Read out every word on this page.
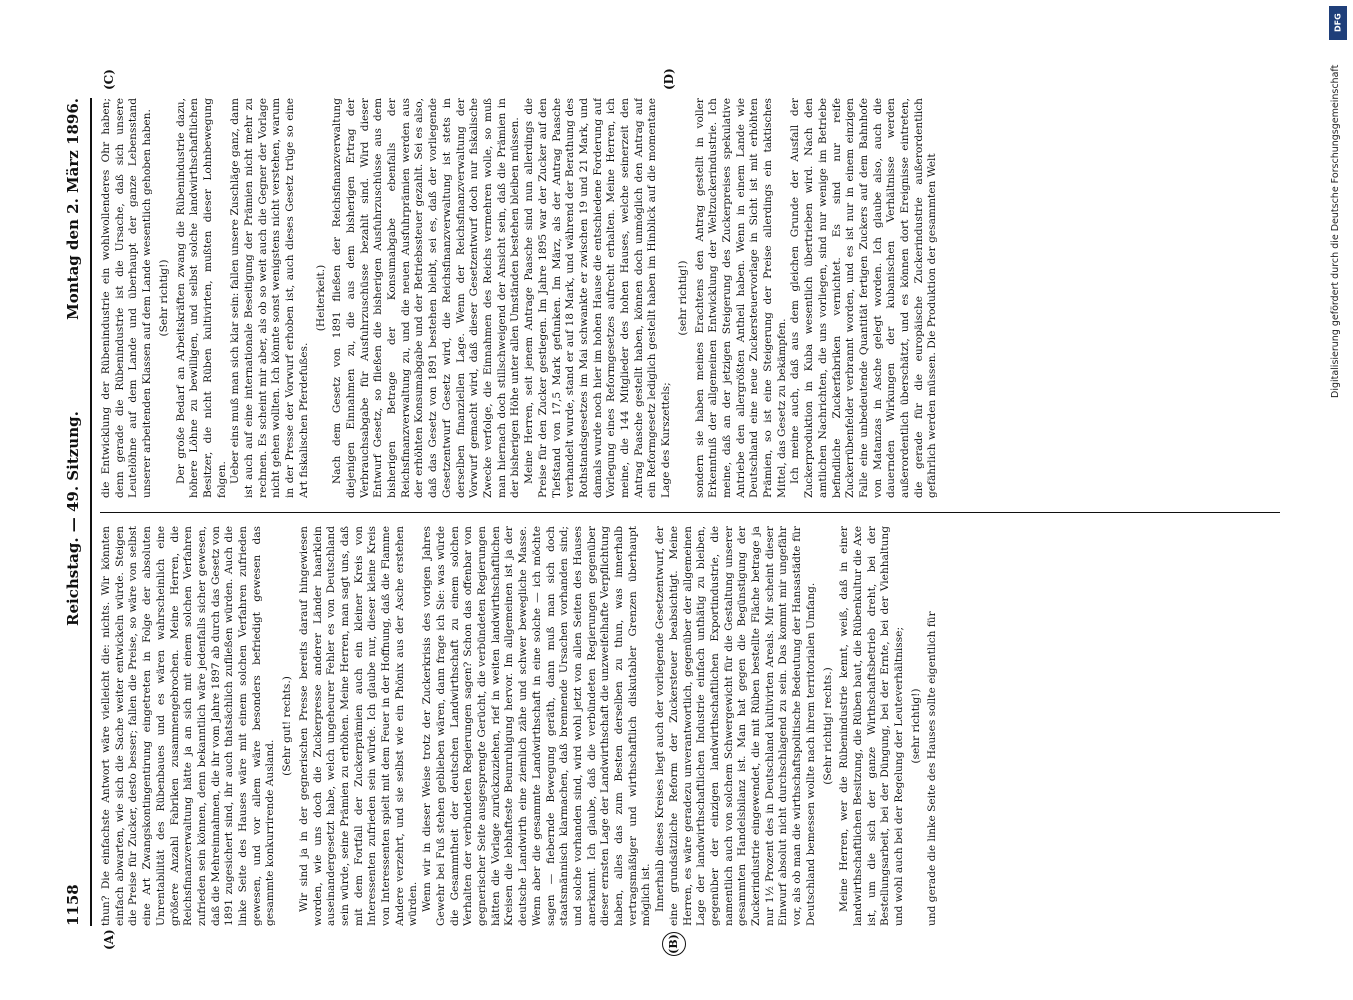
1158
Reichstag. — 49. Sitzung.
Montag den 2. März 1896.
(A)	(B)
(C)	(D)

thun? Die einfachste Antwort wäre vielleicht die: nichts. Wir könnten einfach abwarten, wie sich die Sache weiter entwickeln würde. Steigen die Preise für Zucker, desto besser; fallen die Preise, so wäre von selbst eine Art Zwangskontingentirung eingetreten in Folge der absoluten Unrentabilität des Rübenbaues und es wären wahrscheinlich eine größere Anzahl Fabriken zusammengebrochen. Meine Herren, die Reichsfinanzverwaltung hätte ja an sich mit einem solchen Verfahren zufrieden sein können, denn bekanntlich wäre jedenfalls sicher gewesen, daß die Mehreinnahmen, die ihr vom Jahre 1897 ab durch das Gesetz von 1891 zugesichert sind, ihr auch thatsächlich zufließen würden. Auch die linke Seite des Hauses wäre mit einem solchen Verfahren zufrieden gewesen, und vor allem wäre besonders befriedigt gewesen das gesammte konkurrirende Ausland.

(Sehr gut! rechts.) Wir sind ja in der gegnerischen Presse bereits darauf hingewiesen worden, wie uns doch die Zuckerpresse anderer Länder haarklein auseinandergesetzt habe, welch ungeheurer Fehler es von Deutschland sein würde, seine Prämien zu erhöhen. Meine Herren, man sagt uns, daß mit dem Fortfall der Zuckerprämien auch ein kleiner Kreis von Interessenten zufrieden sein würde. Ich glaube nur, dieser kleine Kreis von Interessenten spielt mit dem Feuer in der Hoffnung, daß die Flamme Andere verzehrt, und sie selbst wie ein Phönix aus der Asche erstehen würden. Wenn wir in dieser Weise trotz der Zuckerkrisis des vorigen Jahres Gewehr bei Fuß stehen geblieben wären, dann frage ich Sie: was würde die Gesammtheit der deutschen Landwirthschaft zu einem solchen Verhalten der verbündeten Regierungen sagen? Schon das offenbar von gegnerischer Seite ausgesprengte Gerücht, die verbündeten Regierungen hätten die Vorlage zurückzuziehen, rief in weiten landwirthschaftlichen Kreisen die lebhafteste Beunruhigung hervor. Im allgemeinen ist ja der deutsche Landwirth eine ziemlich zähe und schwer bewegliche Masse. Wenn aber die gesammte Landwirthschaft in eine solche — ich möchte sagen — fiebernde Bewegung geräth, dann muß man sich doch staatsmännisch klarmachen, daß brennende Ursachen vorhanden sind; und solche vorhanden sind, wird wohl jetzt von allen Seiten des Hauses anerkannt. Ich glaube, daß die verbündeten Regierungen gegenüber dieser ernsten Lage der Landwirthschaft die unzweifelhafte Verpflichtung haben, alles das zum Besten derselben zu thun, was innerhalb vertragsmäßiger und wirthschaftlich diskutabler Grenzen überhaupt möglich ist. Innerhalb dieses Kreises liegt auch der vorliegende Gesetzentwurf, der eine grundsätzliche Reform der Zuckersteuer beabsichtigt. Meine Herren, es wäre geradezu unverantwortlich, gegenüber der allgemeinen Lage der landwirthschaftlichen Industrie einfach unthätig zu bleiben, gegenüber der einzigen landwirthschaftlichen Exportindustrie, die namentlich auch von solchem Schwergewicht für die Gestaltung unserer gesammten Handelsbilanz ist. Man hat gegen die Begünstigung der Zuckerindustrie eingewendet, die mit Rüben bestellte Fläche betrage ja nur 1½ Prozent des in Deutschland kultivirten Areals. Mir scheint dieser Einwurf absolut nicht durchschlagend zu sein. Das kommt mir ungefähr vor, als ob man die wirthschaftspolitische Bedeutung der Hansastädte für Deutschland bemessen wollte nach ihrem territorialen Umfang. (Sehr richtig! rechts.) Meine Herren, wer die Rübenindustrie kennt, weiß, daß in einer landwirthschaftlichen Besitzung, die Rüben baut, die Rübenkultur die Axe ist, um die sich der ganze Wirthschaftsbetrieb dreht, bei der Bestellungsarbeit, bei der Düngung, bei der Ernte, bei der Viehhaltung und wohl auch bei der Regelung der Leuteverhältnisse; (sehr richtig!) und gerade die linke Seite des Hauses sollte eigentlich für

die Entwicklung der Rübenindustrie ein wohlwollenderes Ohr haben; denn gerade die Rübenindustrie ist die Ursache, daß sich unsere Leutelöhne auf dem Lande und überhaupt der ganze Lebensstand unserer arbeitenden Klassen auf dem Lande wesentlich gehoben haben. (Sehr richtig!) Der große Bedarf an Arbeitskräften zwang die Rübenindustrie dazu, höhere Löhne zu bewilligen, und selbst solche landwirthschaftlichen Besitzer, die nicht Rüben kultivirten, mußten dieser Lohnbewegung folgen. Ueber eins muß man sich klar sein: fallen unsere Zuschläge ganz, dann ist auch auf eine internationale Beseitigung der Prämien nicht mehr zu rechnen. Es scheint mir aber, als ob so weit auch die Gegner der Vorlage nicht gehen wollten. Ich könnte sonst wenigstens nicht verstehen, warum in der Presse der Vorwurf erhoben ist, auch dieses Gesetz trüge so eine Art fiskalischen Pferdefußes.

(Heiterkeit.) Nach dem Gesetz von 1891 fließen der Reichsfinanzverwaltung diejenigen Einnahmen zu, die aus dem bisherigen Ertrag der Verbrauchsabgabe für Ausfuhrzuschüsse bezahlt sind. Wird dieser Entwurf Gesetz, so fließen die bisherigen Ausfuhrzuschüsse aus dem bisherigen Betrage der Konsumabgabe ebenfalls der Reichsfinanzverwaltung zu, und die neuen Ausfuhrprämien werden aus der erhöhten Konsumabgabe und der Betriebssteuer gezahlt. Sei es also, daß das Gesetz von 1891 bestehen bleibt, sei es, daß der vorliegende Gesetzentwurf Gesetz wird, die Reichsfinanzverwaltung ist stets in derselben finanziellen Lage. Wenn der Reichsfinanzverwaltung der Vorwurf gemacht wird, daß dieser Gesetzentwurf doch nur fiskalische Zwecke verfolge, die Einnahmen des Reichs vermehren wolle, so muß man hiernach doch stillschweigend der Ansicht sein, daß die Prämien in der bisherigen Höhe unter allen Umständen bestehen bleiben müssen. Meine Herren, seit jenem Antrage Paasche sind nun allerdings die Preise für den Zucker gestiegen. Im Jahre 1895 war der Zucker auf den Tiefstand von 17,5 Mark gefunken. Im März, als der Antrag Paasche verhandelt wurde, stand er auf 18 Mark, und während der Berathung des Rothstandsgesetzes im Mai schwankte er zwischen 19 und 21 Mark, und damals wurde noch hier im hohen Hause die entschiedene Forderung auf Vorlegung eines Reformgesetzes aufrecht erhalten. Meine Herren, ich meine, die 144 Mitglieder des hohen Hauses, welche seinerzeit den Antrag Paasche gestellt haben, können doch unmöglich den Antrag auf ein Reformgesetz lediglich gestellt haben im Hinblick auf die momentane Lage des Kurszettels;

(sehr richtig!) sondern sie haben meines Erachtens den Antrag gestellt in voller Erkenntniß der allgemeinen Entwicklung der Weltzuckerindustrie. Ich meine, daß an der jetzigen Steigerung des Zuckerpreises spekulative Antriebe den allergrößten Antheil haben. Wenn in einem Lande wie Deutschland eine neue Zuckersteuervorlage in Sicht ist mit erhöhten Prämien, so ist eine Steigerung der Preise allerdings ein taktisches Mittel, das Gesetz zu bekämpfen. Ich meine auch, daß aus dem gleichen Grunde der Ausfall der Zuckerproduktion in Kuba wesentlich übertrieben wird. Nach den amtlichen Nachrichten, die uns vorliegen, sind nur wenige im Betriebe befindliche Zuckerfabriken vernichtet. Es sind nur reife Zuckerrübenfelder verbrannt worden, und es ist nur in einem einzigen Falle eine unbedeutende Quantität fertigen Zuckers auf dem Bahnhofe von Matanzas in Asche gelegt worden. Ich glaube also, auch die dauernden Wirkungen der kubanischen Verhältnisse werden außerordentlich überschätzt, und es können dort Ereignisse eintreten, die gerade für die europäische Zuckerindustrie außerordentlich gefährlich werden müssen. Die Produktion der gesammten Welt

DFG
Digitalisierung gefördert durch die Deutsche Forschungsgemeinschaft
